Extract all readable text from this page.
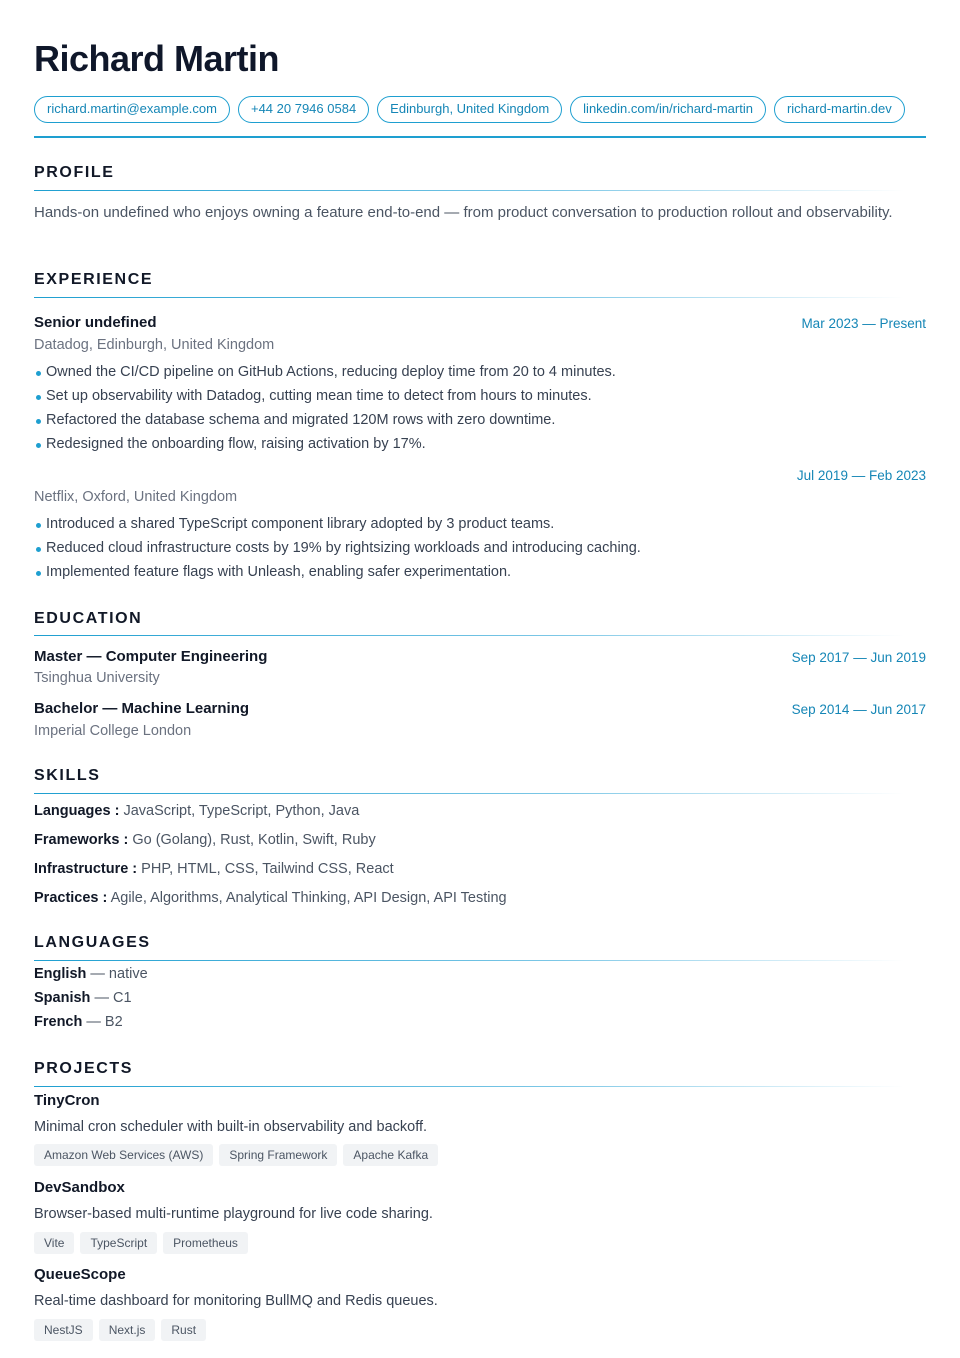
Richard Martin
richard.martin@example.com	+44 20 7946 0584	Edinburgh, United Kingdom	linkedin.com/in/richard-martin	richard-martin.dev
PROFILE
Hands-on undefined who enjoys owning a feature end-to-end — from product conversation to production rollout and observability.
EXPERIENCE
Senior undefined	Mar 2023 — Present
Datadog, Edinburgh, United Kingdom
Owned the CI/CD pipeline on GitHub Actions, reducing deploy time from 20 to 4 minutes.
Set up observability with Datadog, cutting mean time to detect from hours to minutes.
Refactored the database schema and migrated 120M rows with zero downtime.
Redesigned the onboarding flow, raising activation by 17%.
Jul 2019 — Feb 2023
Netflix, Oxford, United Kingdom
Introduced a shared TypeScript component library adopted by 3 product teams.
Reduced cloud infrastructure costs by 19% by rightsizing workloads and introducing caching.
Implemented feature flags with Unleash, enabling safer experimentation.
EDUCATION
Master — Computer Engineering	Sep 2017 — Jun 2019
Tsinghua University
Bachelor — Machine Learning	Sep 2014 — Jun 2017
Imperial College London
SKILLS
Languages : JavaScript, TypeScript, Python, Java
Frameworks : Go (Golang), Rust, Kotlin, Swift, Ruby
Infrastructure : PHP, HTML, CSS, Tailwind CSS, React
Practices : Agile, Algorithms, Analytical Thinking, API Design, API Testing
LANGUAGES
English — native
Spanish — C1
French — B2
PROJECTS
TinyCron
Minimal cron scheduler with built-in observability and backoff.
Amazon Web Services (AWS)	Spring Framework	Apache Kafka
DevSandbox
Browser-based multi-runtime playground for live code sharing.
Vite	TypeScript	Prometheus
QueueScope
Real-time dashboard for monitoring BullMQ and Redis queues.
NestJS	Next.js	Rust
